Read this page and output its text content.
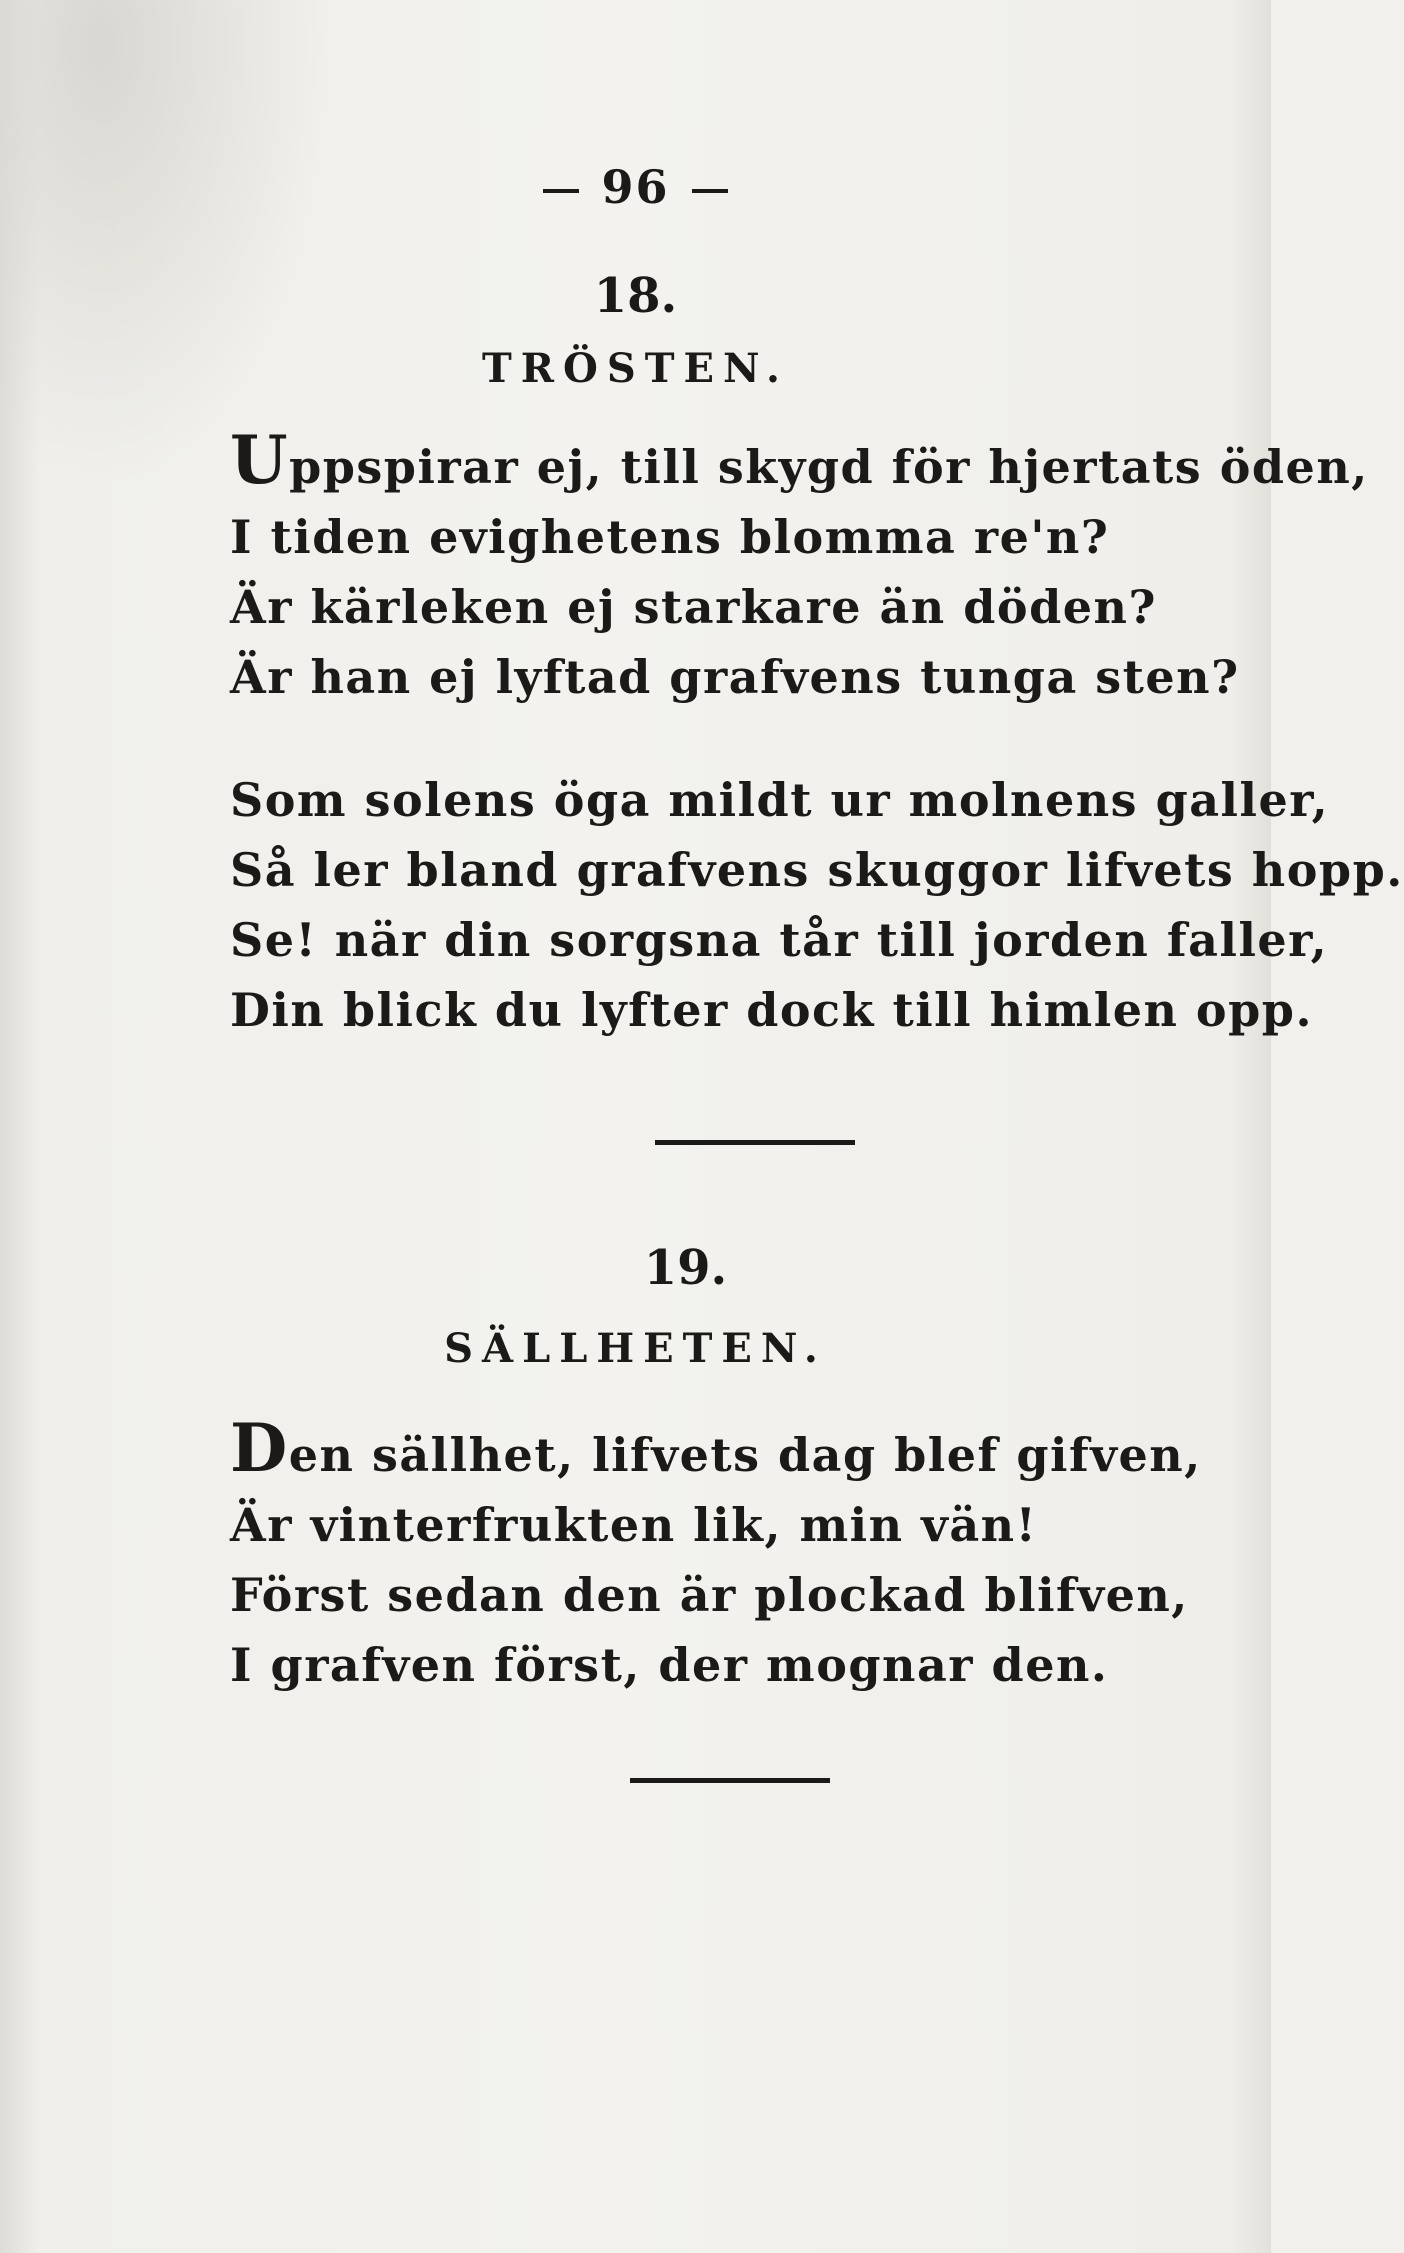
96
18.
TRÖSTEN.
Uppspirar ej, till skygd för hjertats öden,
I tiden evighetens blomma re'n?
Är kärleken ej starkare än döden?
Är han ej lyftad grafvens tunga sten?
Som solens öga mildt ur molnens galler,
Så ler bland grafvens skuggor lifvets hopp.
Se! när din sorgsna tår till jorden faller,
Din blick du lyfter dock till himlen opp.
19.
SÄLLHETEN.
Den sällhet, lifvets dag blef gifven,
Är vinterfrukten lik, min vän!
Först sedan den är plockad blifven,
I grafven först, der mognar den.
